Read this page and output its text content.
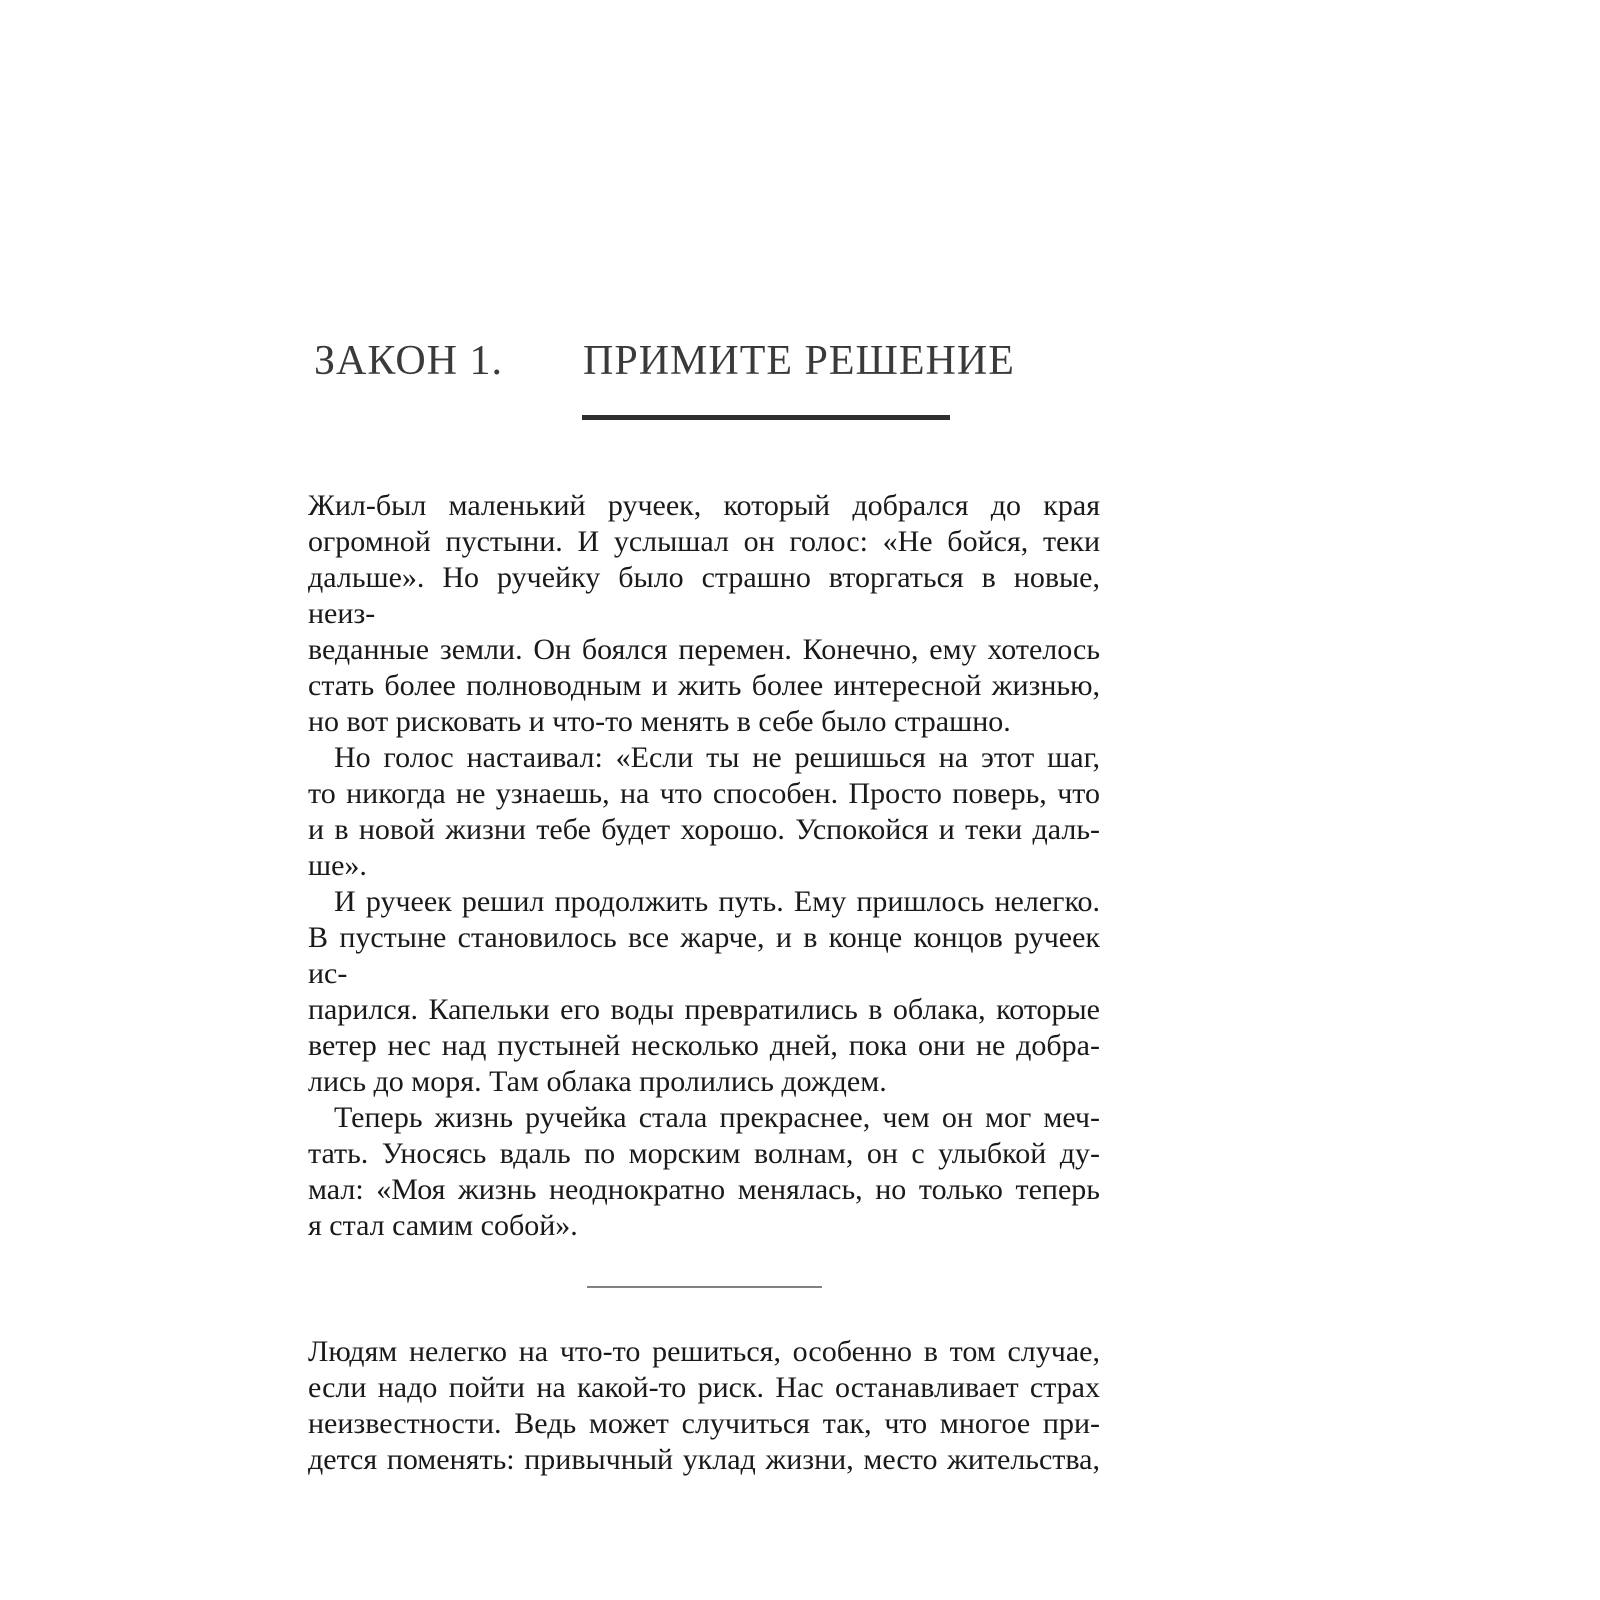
ЗАКОН 1. ПРИМИТЕ РЕШЕНИЕ
Жил-был маленький ручеек, который добрался до края
огромной пустыни. И услышал он голос: «Не бойся, теки
дальше». Но ручейку было страшно вторгаться в новые, неиз-
веданные земли. Он боялся перемен. Конечно, ему хотелось
стать более полноводным и жить более интересной жизнью,
но вот рисковать и что-то менять в себе было страшно.
Но голос настаивал: «Если ты не решишься на этот шаг,
то никогда не узнаешь, на что способен. Просто поверь, что
и в новой жизни тебе будет хорошо. Успокойся и теки даль-
ше».
И ручеек решил продолжить путь. Ему пришлось нелегко.
В пустыне становилось все жарче, и в конце концов ручеек ис-
парился. Капельки его воды превратились в облака, которые
ветер нес над пустыней несколько дней, пока они не добра-
лись до моря. Там облака пролились дождем.
Теперь жизнь ручейка стала прекраснее, чем он мог меч-
тать. Уносясь вдаль по морским волнам, он с улыбкой ду-
мал: «Моя жизнь неоднократно менялась, но только теперь
я стал самим собой».
Людям нелегко на что-то решиться, особенно в том случае,
если надо пойти на какой-то риск. Нас останавливает страх
неизвестности. Ведь может случиться так, что многое при-
дется поменять: привычный уклад жизни, место жительства,
